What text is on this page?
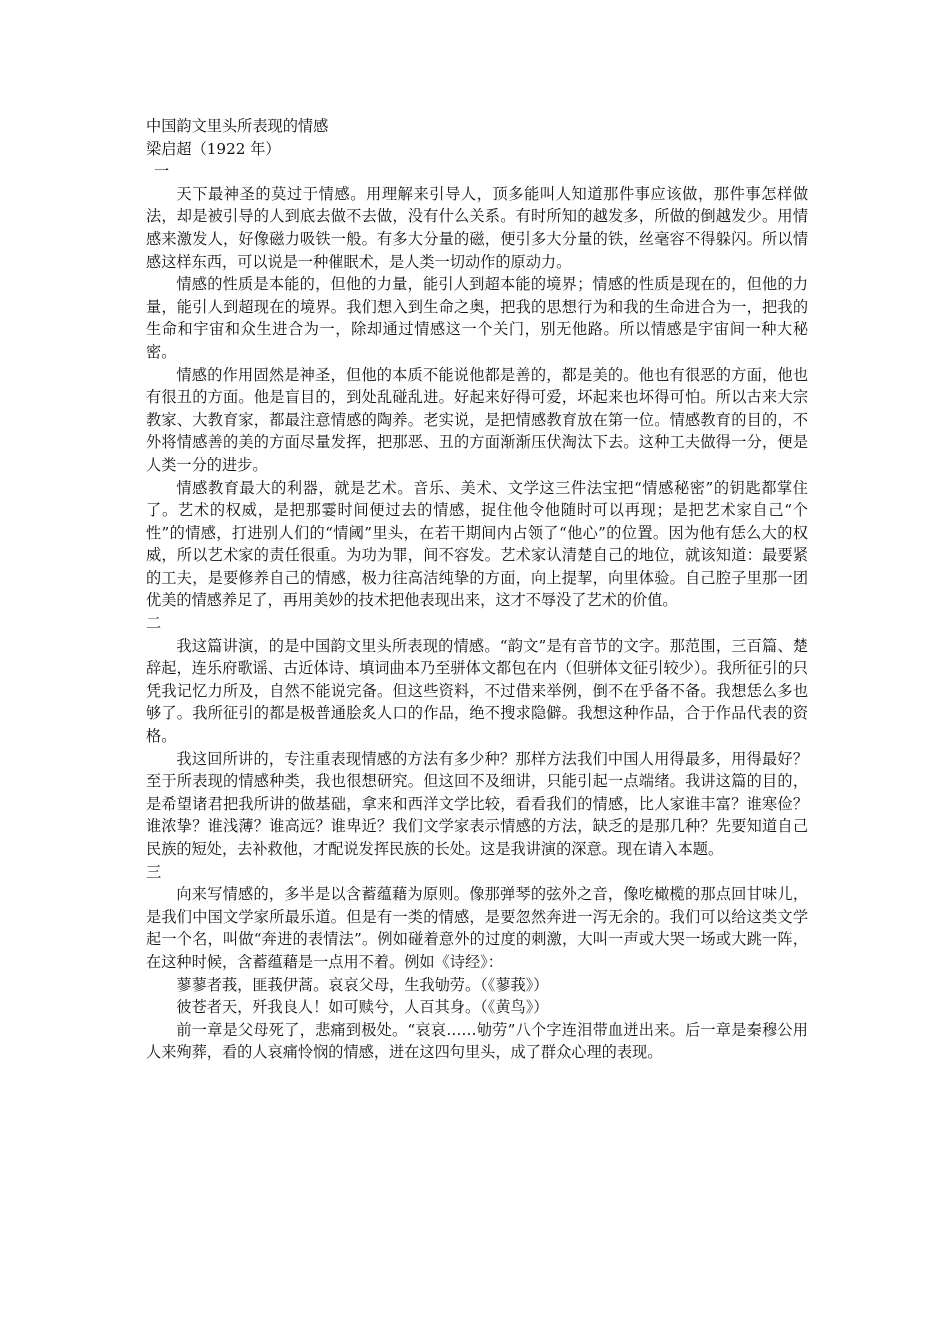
中国韵文里头所表现的情感

梁启超（1922 年）

一

天下最神圣的莫过于情感。用理解来引导人，顶多能叫人知道那件事应该做，那件事怎样做法，却是被引导的人到底去做不去做，没有什么关系。有时所知的越发多，所做的倒越发少。用情感来激发人，好像磁力吸铁一般。有多大分量的磁，便引多大分量的铁，丝毫容不得躲闪。所以情感这样东西，可以说是一种催眠术，是人类一切动作的原动力。

情感的性质是本能的，但他的力量，能引人到超本能的境界；情感的性质是现在的，但他的力量，能引人到超现在的境界。我们想入到生命之奥，把我的思想行为和我的生命进合为一，把我的生命和宇宙和众生进合为一，除却通过情感这一个关门，别无他路。所以情感是宇宙间一种大秘密。

情感的作用固然是神圣，但他的本质不能说他都是善的，都是美的。他也有很恶的方面，他也有很丑的方面。他是盲目的，到处乱碰乱进。好起来好得可爱，坏起来也坏得可怕。所以古来大宗教家、大教育家，都最注意情感的陶养。老实说，是把情感教育放在第一位。情感教育的目的，不外将情感善的美的方面尽量发挥，把那恶、丑的方面渐渐压伏淘汰下去。这种工夫做得一分，便是人类一分的进步。

情感教育最大的利器，就是艺术。音乐、美术、文学这三件法宝把“情感秘密”的钥匙都掌住了。艺术的权威，是把那霎时间便过去的情感，捉住他令他随时可以再现；是把艺术家自己“个性”的情感，打进别人们的“情阈”里头，在若干期间内占领了“他心”的位置。因为他有恁么大的权威，所以艺术家的责任很重。为功为罪，间不容发。艺术家认清楚自己的地位，就该知道：最要紧的工夫，是要修养自己的情感，极力往高洁纯挚的方面，向上提挈，向里体验。自己腔子里那一团优美的情感养足了，再用美妙的技术把他表现出来，这才不辱没了艺术的价值。

二

我这篇讲演，的是中国韵文里头所表现的情感。“韵文”是有音节的文字。那范围，三百篇、楚辞起，连乐府歌谣、古近体诗、填词曲本乃至骈体文都包在内（但骈体文征引较少）。我所征引的只凭我记忆力所及，自然不能说完备。但这些资料，不过借来举例，倒不在乎备不备。我想恁么多也够了。我所征引的都是极普通脍炙人口的作品，绝不搜求隐僻。我想这种作品，合于作品代表的资格。

我这回所讲的，专注重表现情感的方法有多少种？那样方法我们中国人用得最多，用得最好？至于所表现的情感种类，我也很想研究。但这回不及细讲，只能引起一点端绪。我讲这篇的目的，是希望诸君把我所讲的做基础，拿来和西洋文学比较，看看我们的情感，比人家谁丰富？谁寒俭？谁浓挚？谁浅薄？谁高远？谁卑近？我们文学家表示情感的方法，缺乏的是那几种？先要知道自己民族的短处，去补救他，才配说发挥民族的长处。这是我讲演的深意。现在请入本题。

三

向来写情感的，多半是以含蓄蕴藉为原则。像那弹琴的弦外之音，像吃橄榄的那点回甘味儿，是我们中国文学家所最乐道。但是有一类的情感，是要忽然奔进一泻无余的。我们可以给这类文学起一个名，叫做“奔进的表情法”。例如碰着意外的过度的刺激，大叫一声或大哭一场或大跳一阵，在这种时候，含蓄蕴藉是一点用不着。例如《诗经》：

蓼蓼者莪，匪莪伊蒿。哀哀父母，生我劬劳。（《蓼莪》）

彼苍者天，歼我良人！如可赎兮，人百其身。（《黄鸟》）

前一章是父母死了，悲痛到极处。“哀哀……劬劳”八个字连泪带血迸出来。后一章是秦穆公用人来殉葬，看的人哀痛怜悯的情感，迸在这四句里头，成了群众心理的表现。
